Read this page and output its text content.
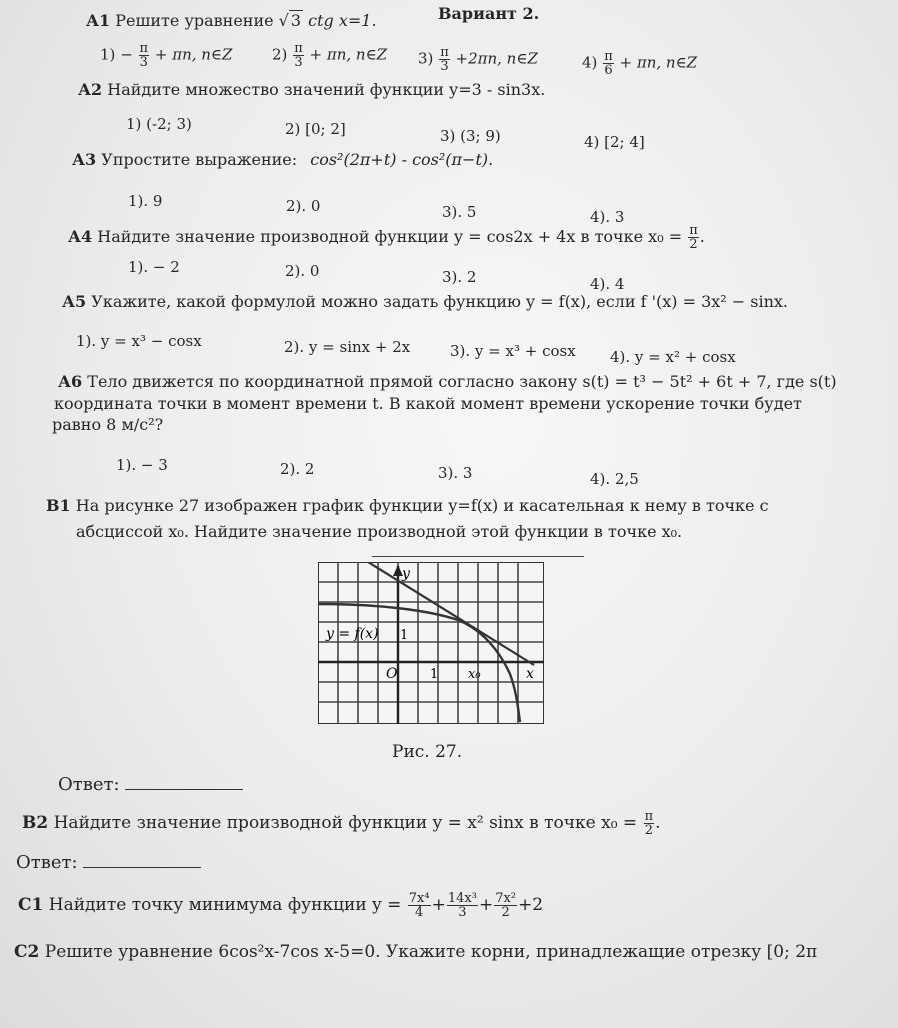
Вариант 2.
А1 Решите уравнение √ 3 ctg x=1.
$1) - \frac{\pi}{3} + \pi n$, n∈Z	$2) \frac{\pi}{3} + \pi n$, n∈Z $3) \frac{\pi}{3} +2\pi n$, n∈Z	$4) \frac{\pi}{6} + \pi n$, n∈Z
А2 Найдите множество значений функции y=3 - sin3x.
1) (-2; 3)	2) [0; 2]	3) (3; 9)	4) [2; 4]
А3 Упростите выражение: cos²(2π+t) - cos²(π−t).
1). 9	2). 0	3). 5	4). 3
А4 Найдите значение производной функции y = cos2x + 4x в точке $x_0 = \frac{\pi}{2}$ .
1). − 2	2). 0	3). 2	4). 4
А5 Укажите, какой формулой можно задать функцию y = f(x), если f '(x) = 3x² − sinx.
1). y = x³ − cosx	2). y = sinx + 2x	3). y = x³ + cosx 4). y = x² + cosx
А6 Тело движется по координатной прямой согласно закону s(t) = t³ − 5t² + 6t + 7, где s(t)
координата точки в момент времени t. В какой момент времени ускорение точки будет
равно 8 м/с²?
1). − 3	2). 2	3). 3	4). 2,5
В1 На рисунке 27 изображен график функции y=f(x) и касательная к нему в точке с
абсциссой x₀. Найдите значение производной этой функции в точке x₀.
y
x
O	1
1
x₀
y = f(x)
Рис. 27.
Ответ:
В2 Найдите значение производной функции y = x² sinx в точке $x_0 = \frac{\pi}{2}$ .
Ответ:
С1 Найдите точку минимума функции $y = \frac{\text{7x⁴}}{4} + \frac{\text{14x³}}{3} + \frac{\text{7x²}}{2} +2$
С2 Решите уравнение 6cos²x-7cos x-5=0. Укажите корни, принадлежащие отрезку [0; 2π
